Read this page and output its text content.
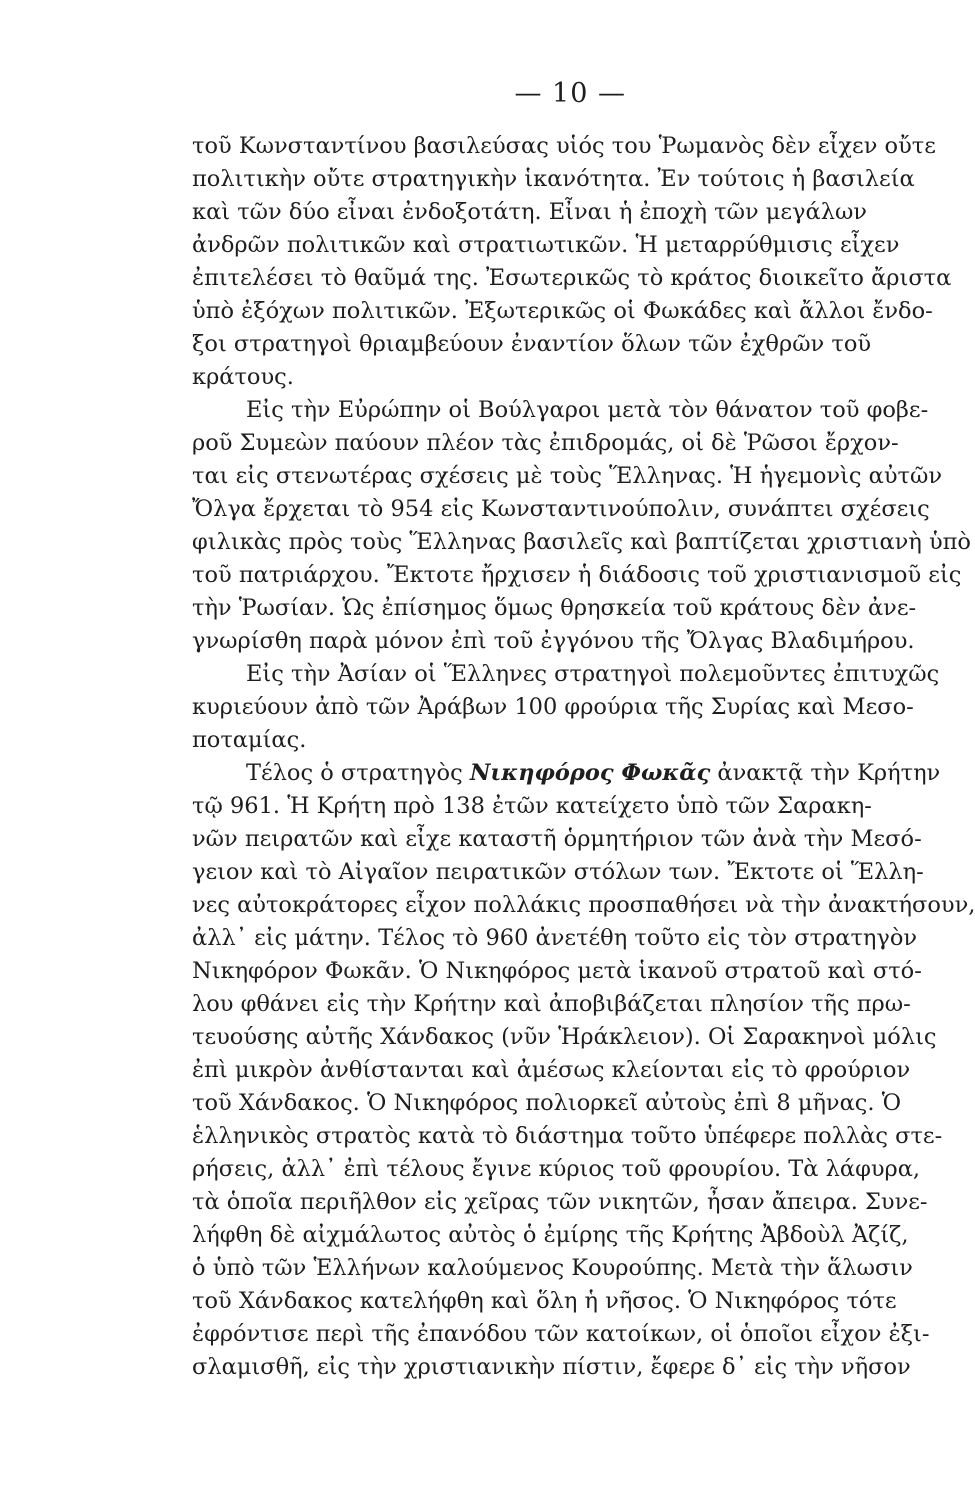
— 10 —
τοῦ Κωνσταντίνου βασιλεύσας υἱός του Ῥωμανὸς δὲν εἶχεν οὔτε
πολιτικὴν οὔτε στρατηγικὴν ἱκανότητα. Ἐν τούτοις ἡ βασιλεία
καὶ τῶν δύο εἶναι ἐνδοξοτάτη. Εἶναι ἡ ἐποχὴ τῶν μεγάλων
ἀνδρῶν πολιτικῶν καὶ στρατιωτικῶν. Ἡ μεταρρύθμισις εἶχεν
ἐπιτελέσει τὸ θαῦμά της. Ἐσωτερικῶς τὸ κράτος διοικεῖτο ἄριστα
ὑπὸ ἐξόχων πολιτικῶν. Ἐξωτερικῶς οἱ Φωκάδες καὶ ἄλλοι ἔνδο-
ξοι στρατηγοὶ θριαμβεύουν ἐναντίον ὅλων τῶν ἐχθρῶν τοῦ
κράτους.
Εἰς τὴν Εὐρώπην οἱ Βούλγαροι μετὰ τὸν θάνατον τοῦ φοβε-
ροῦ Συμεὼν παύουν πλέον τὰς ἐπιδρομάς, οἱ δὲ Ῥῶσοι ἔρχον-
ται εἰς στενωτέρας σχέσεις μὲ τοὺς Ἕλληνας. Ἡ ἡγεμονὶς αὐτῶν
Ὄλγα ἔρχεται τὸ 954 εἰς Κωνσταντινούπολιν, συνάπτει σχέσεις
φιλικὰς πρὸς τοὺς Ἕλληνας βασιλεῖς καὶ βαπτίζεται χριστιανὴ ὑπὸ
τοῦ πατριάρχου. Ἔκτοτε ἤρχισεν ἡ διάδοσις τοῦ χριστιανισμοῦ εἰς
τὴν Ῥωσίαν. Ὡς ἐπίσημος ὅμως θρησκεία τοῦ κράτους δὲν ἀνε-
γνωρίσθη παρὰ μόνον ἐπὶ τοῦ ἐγγόνου τῆς Ὄλγας Βλαδιμήρου.
Εἰς τὴν Ἀσίαν οἱ Ἕλληνες στρατηγοὶ πολεμοῦντες ἐπιτυχῶς
κυριεύουν ἀπὸ τῶν Ἀράβων 100 φρούρια τῆς Συρίας καὶ Μεσο-
ποταμίας.
Τέλος ὁ στρατηγὸς Νικηφόρος Φωκᾶς ἀνακτᾷ τὴν Κρήτην
τῷ 961. Ἡ Κρήτη πρὸ 138 ἐτῶν κατείχετο ὑπὸ τῶν Σαρακη-
νῶν πειρατῶν καὶ εἶχε καταστῆ ὁρμητήριον τῶν ἀνὰ τὴν Μεσό-
γειον καὶ τὸ Αἰγαῖον πειρατικῶν στόλων των. Ἔκτοτε οἱ Ἕλλη-
νες αὐτοκράτορες εἶχον πολλάκις προσπαθήσει νὰ τὴν ἀνακτήσουν,
ἀλλ᾽ εἰς μάτην. Τέλος τὸ 960 ἀνετέθη τοῦτο εἰς τὸν στρατηγὸν
Νικηφόρον Φωκᾶν. Ὁ Νικηφόρος μετὰ ἱκανοῦ στρατοῦ καὶ στό-
λου φθάνει εἰς τὴν Κρήτην καὶ ἀποβιβάζεται πλησίον τῆς πρω-
τευούσης αὐτῆς Χάνδακος (νῦν Ἡράκλειον). Οἱ Σαρακηνοὶ μόλις
ἐπὶ μικρὸν ἀνθίστανται καὶ ἀμέσως κλείονται εἰς τὸ φρούριον
τοῦ Χάνδακος. Ὁ Νικηφόρος πολιορκεῖ αὐτοὺς ἐπὶ 8 μῆνας. Ὁ
ἑλληνικὸς στρατὸς κατὰ τὸ διάστημα τοῦτο ὑπέφερε πολλὰς στε-
ρήσεις, ἀλλ᾽ ἐπὶ τέλους ἔγινε κύριος τοῦ φρουρίου. Τὰ λάφυρα,
τὰ ὁποῖα περιῆλθον εἰς χεῖρας τῶν νικητῶν, ἦσαν ἄπειρα. Συνε-
λήφθη δὲ αἰχμάλωτος αὐτὸς ὁ ἐμίρης τῆς Κρήτης Ἀβδοὺλ Ἀζίζ,
ὁ ὑπὸ τῶν Ἑλλήνων καλούμενος Κουρούπης. Μετὰ τὴν ἅλωσιν
τοῦ Χάνδακος κατελήφθη καὶ ὅλη ἡ νῆσος. Ὁ Νικηφόρος τότε
ἐφρόντισε περὶ τῆς ἐπανόδου τῶν κατοίκων, οἱ ὁποῖοι εἶχον ἐξι-
σλαμισθῆ, εἰς τὴν χριστιανικὴν πίστιν, ἔφερε δ᾽ εἰς τὴν νῆσον
